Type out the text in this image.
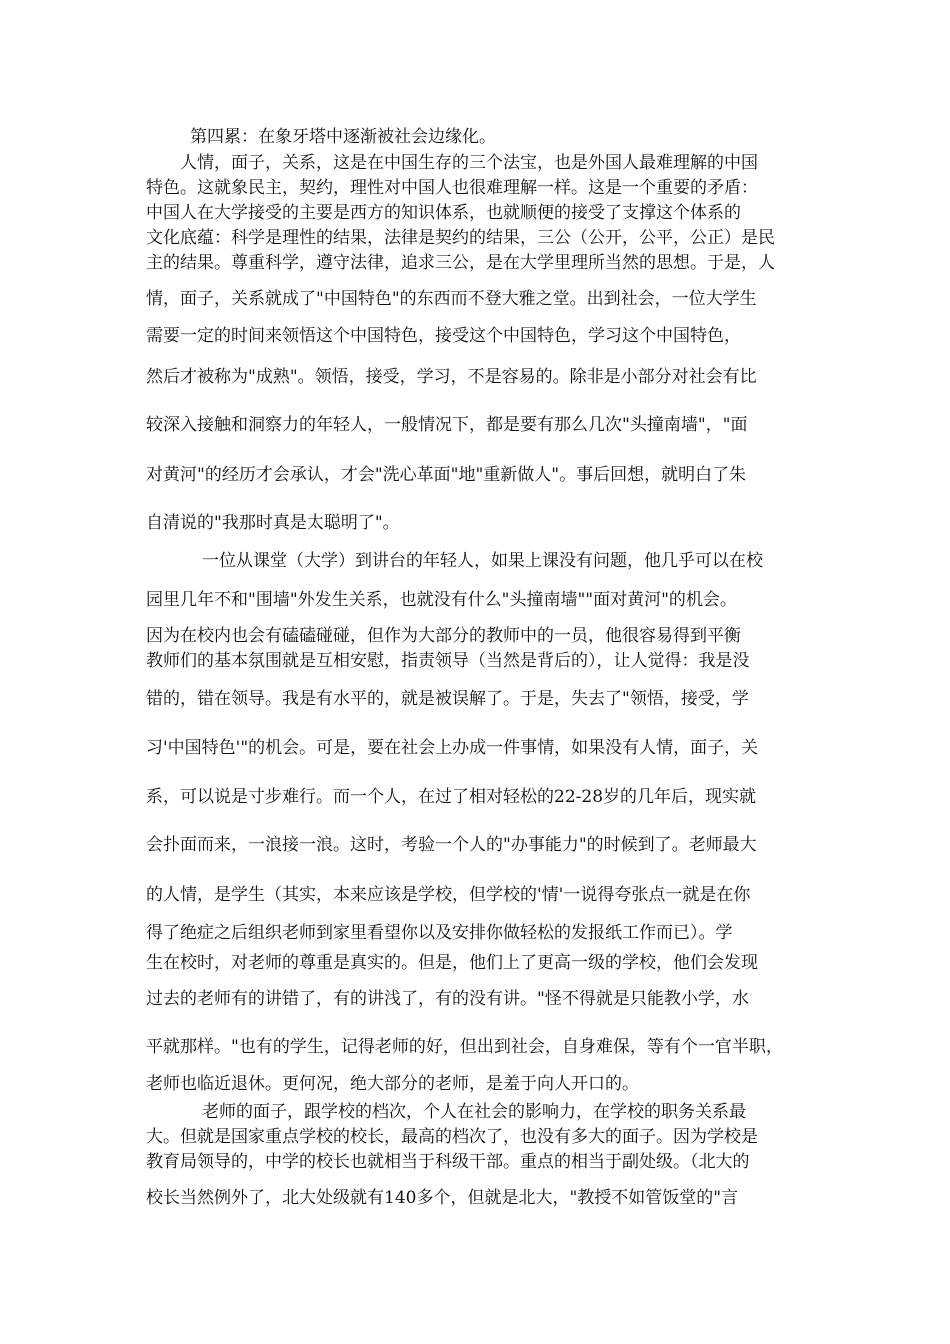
第四累：在象牙塔中逐渐被社会边缘化。
人情，面子，关系，这是在中国生存的三个法宝，也是外国人最难理解的中国
特色。这就象民主，契约，理性对中国人也很难理解一样。这是一个重要的矛盾：
中国人在大学接受的主要是西方的知识体系，也就顺便的接受了支撑这个体系的
文化底蕴：科学是理性的结果，法律是契约的结果，三公（公开，公平，公正）是民
主的结果。尊重科学，遵守法律，追求三公，是在大学里理所当然的思想。于是，人
情，面子，关系就成了"中国特色"的东西而不登大雅之堂。出到社会，一位大学生
需要一定的时间来领悟这个中国特色，接受这个中国特色，学习这个中国特色，
然后才被称为"成熟"。领悟，接受，学习，不是容易的。除非是小部分对社会有比
较深入接触和洞察力的年轻人，一般情况下，都是要有那么几次"头撞南墙"，"面
对黄河"的经历才会承认，才会"洗心革面"地"重新做人"。事后回想，就明白了朱
自清说的"我那时真是太聪明了"。
一位从课堂（大学）到讲台的年轻人，如果上课没有问题，他几乎可以在校
园里几年不和"围墙"外发生关系，也就没有什么"头撞南墙""面对黄河"的机会。
因为在校内也会有磕磕碰碰，但作为大部分的教师中的一员，他很容易得到平衡
教师们的基本氛围就是互相安慰，指责领导（当然是背后的），让人觉得：我是没
错的，错在领导。我是有水平的，就是被误解了。于是，失去了"领悟，接受，学
习'中国特色'"的机会。可是，要在社会上办成一件事情，如果没有人情，面子，关
系，可以说是寸步难行。而一个人，在过了相对轻松的22-28岁的几年后，现实就
会扑面而来，一浪接一浪。这时，考验一个人的"办事能力"的时候到了。老师最大
的人情，是学生（其实，本来应该是学校，但学校的'情'一说得夸张点一就是在你
得了绝症之后组织老师到家里看望你以及安排你做轻松的发报纸工作而已）。学
生在校时，对老师的尊重是真实的。但是，他们上了更高一级的学校，他们会发现
过去的老师有的讲错了，有的讲浅了，有的没有讲。"怪不得就是只能教小学，水
平就那样。"也有的学生，记得老师的好，但出到社会，自身难保，等有个一官半职，
老师也临近退休。更何况，绝大部分的老师，是羞于向人开口的。
老师的面子，跟学校的档次，个人在社会的影响力，在学校的职务关系最
大。但就是国家重点学校的校长，最高的档次了，也没有多大的面子。因为学校是
教育局领导的，中学的校长也就相当于科级干部。重点的相当于副处级。（北大的
校长当然例外了，北大处级就有140多个，但就是北大，"教授不如管饭堂的"言
